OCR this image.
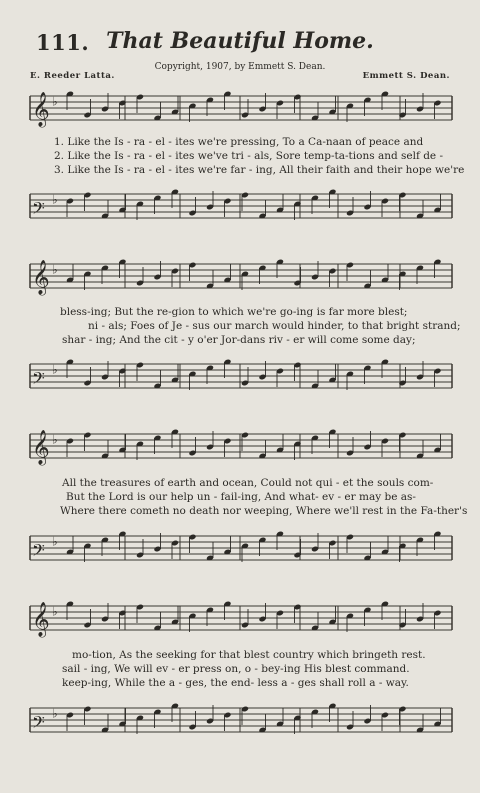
111. That Beautiful Home.
Copyright, 1907, by Emmett S. Dean.
E. Reeder Latta.	Emmett S. Dean.
𝄞 ♭

1. Like the Is - ra - el - ites we're pressing, To a Ca-naan of peace and

2. Like the Is - ra - el - ites we've tri - als, Sore temp-ta-tions and self de -

3. Like the Is - ra - el - ites we're far - ing, All their faith and their hope we're

𝄢 ♭
𝄞 ♭

bless-ing; But the re-gion to which we're go-ing is far more blest;

ni - als; Foes of Je - sus our march would hinder, to that bright strand;

shar - ing; And the cit - y o'er Jor-dans riv - er will come some day;

𝄢 ♭
𝄞 ♭

All the treasures of earth and ocean, Could not qui - et the souls com-

But the Lord is our help un - fail-ing, And what- ev - er may be as-

Where there cometh no death nor weeping, Where we'll rest in the Fa-ther's

𝄢 ♭
𝄞 ♭

mo-tion, As the seeking for that blest country which bringeth rest.

sail - ing, We will ev - er press on, o - bey-ing His blest command.

keep-ing, While the a - ges, the end- less a - ges shall roll a - way.

𝄢 ♭
